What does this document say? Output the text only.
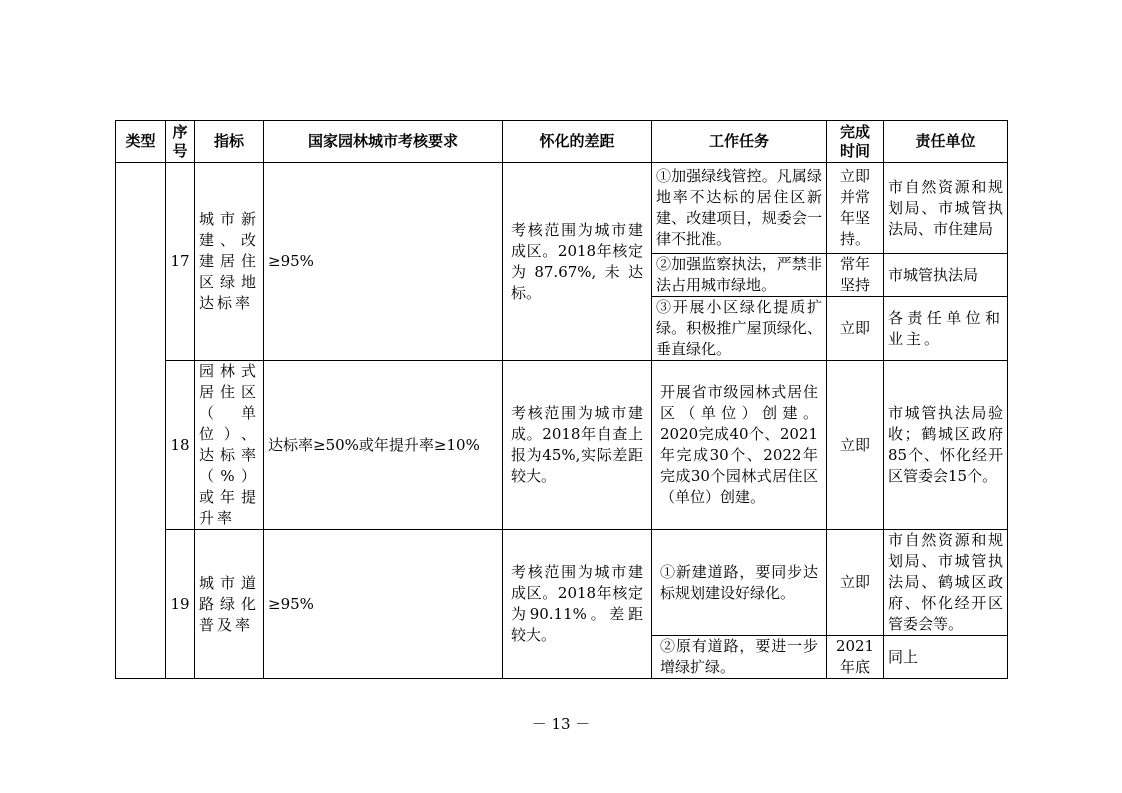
类型	序号	指标	国家园林城市考核要求	怀化的差距	工作任务	完成时间	责任单位
	17	城市新建、改建居住区绿地达标率	≥95%	考核范围为城市建成区。2018年核定为87.67%,未达标。	①加强绿线管控。凡属绿地率不达标的居住区新建、改建项目，规委会一律不批准。	立即并常年坚持。	市自然资源和规划局、市城管执法局、市住建局
					②加强监察执法，严禁非法占用城市绿地。	常年坚持	市城管执法局
					③开展小区绿化提质扩绿。积极推广屋顶绿化、垂直绿化。	立即	各责任单位和业主。
	18	园林式居住区（单位）、达标率（%）或年提升率	达标率≥50%或年提升率≥10%	考核范围为城市建成。2018年自查上报为45%,实际差距较大。	开展省市级园林式居住区（单位）创建。2020完成40个、2021年完成30个、2022年完成30个园林式居住区（单位）创建。	立即	市城管执法局验收；鹤城区政府85个、怀化经开区管委会15个。
	19	城市道路绿化普及率	≥95%	考核范围为城市建成区。2018年核定为90.11%。差距较大。	①新建道路，要同步达标规划建设好绿化。	立即	市自然资源和规划局、市城管执法局、鹤城区政府、怀化经开区管委会等。
					②原有道路，要进一步增绿扩绿。	2021年底	同上
－ 13 －
